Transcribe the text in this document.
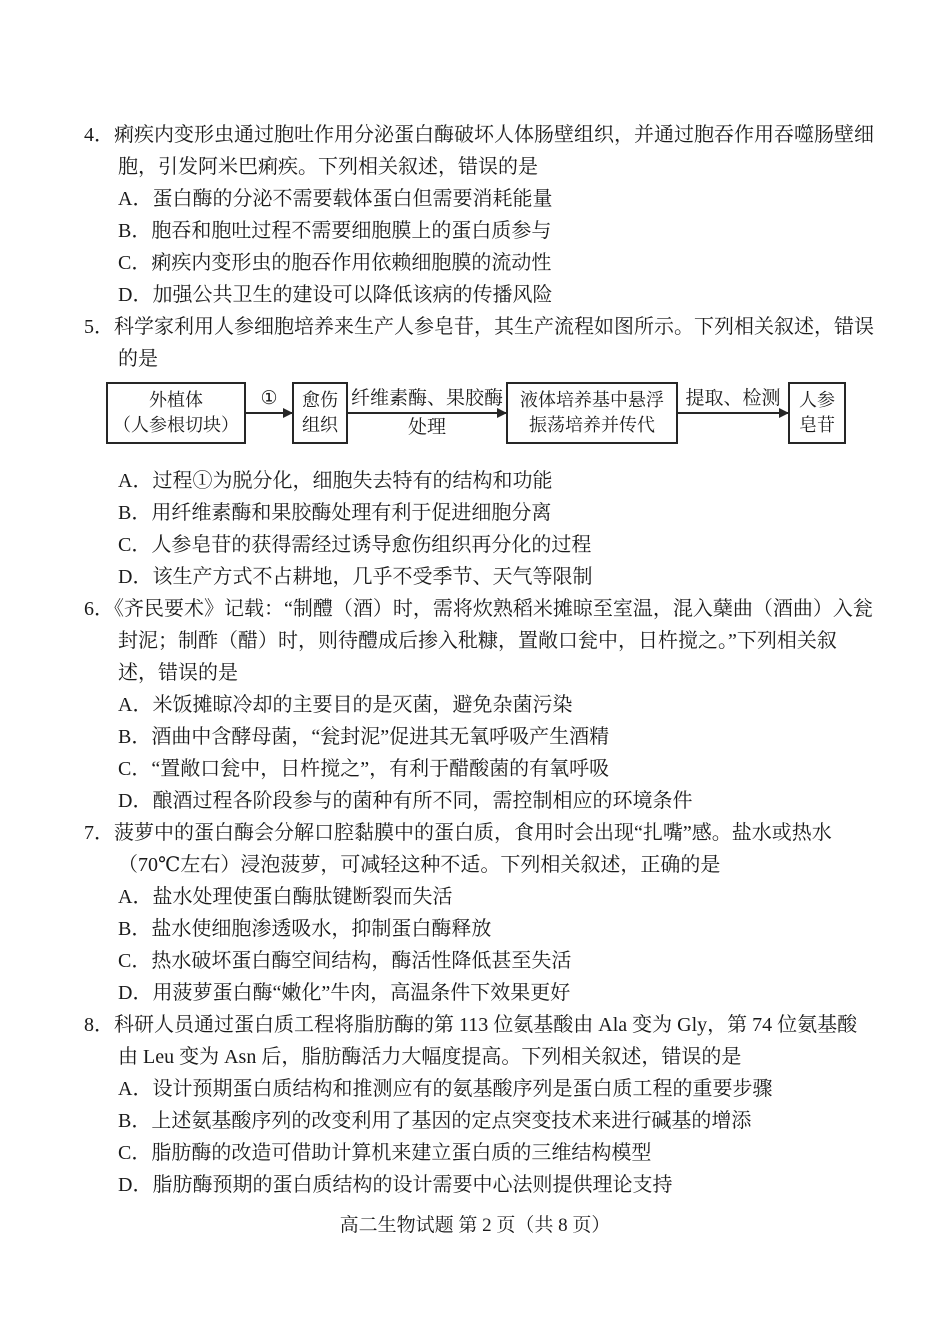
4．痢疾内变形虫通过胞吐作用分泌蛋白酶破坏人体肠壁组织，并通过胞吞作用吞噬肠壁细胞，引发阿米巴痢疾。下列相关叙述，错误的是

A．蛋白酶的分泌不需要载体蛋白但需要消耗能量
B．胞吞和胞吐过程不需要细胞膜上的蛋白质参与
C．痢疾内变形虫的胞吞作用依赖细胞膜的流动性
D．加强公共卫生的建设可以降低该病的传播风险

5．科学家利用人参细胞培养来生产人参皂苷，其生产流程如图所示。下列相关叙述，错误的是

外植体
（人参根切块）
①	愈伤
组织
纤维素酶、果胶酶
处理
液体培养基中悬浮
振荡培养并传代
提取、检测	人参
皂苷
A．过程①为脱分化，细胞失去特有的结构和功能
B．用纤维素酶和果胶酶处理有利于促进细胞分离
C．人参皂苷的获得需经过诱导愈伤组织再分化的过程
D．该生产方式不占耕地，几乎不受季节、天气等限制

6．《齐民要术》记载：“制醴（酒）时，需将炊熟稻米摊晾至室温，混入蘖曲（酒曲）入瓮封泥；制酢（醋）时，则待醴成后掺入秕糠，置敞口瓮中，日杵搅之。”下列相关叙述，错误的是

A．米饭摊晾冷却的主要目的是灭菌，避免杂菌污染
B．酒曲中含酵母菌，“瓮封泥”促进其无氧呼吸产生酒精
C．“置敞口瓮中，日杵搅之”，有利于醋酸菌的有氧呼吸
D．酿酒过程各阶段参与的菌种有所不同，需控制相应的环境条件

7．菠萝中的蛋白酶会分解口腔黏膜中的蛋白质，食用时会出现“扎嘴”感。盐水或热水（70℃左右）浸泡菠萝，可减轻这种不适。下列相关叙述，正确的是

A．盐水处理使蛋白酶肽键断裂而失活
B．盐水使细胞渗透吸水，抑制蛋白酶释放
C．热水破坏蛋白酶空间结构，酶活性降低甚至失活
D．用菠萝蛋白酶“嫩化”牛肉，高温条件下效果更好

8．科研人员通过蛋白质工程将脂肪酶的第 113 位氨基酸由 Ala 变为 Gly，第 74 位氨基酸由 Leu 变为 Asn 后，脂肪酶活力大幅度提高。下列相关叙述，错误的是

A．设计预期蛋白质结构和推测应有的氨基酸序列是蛋白质工程的重要步骤
B．上述氨基酸序列的改变利用了基因的定点突变技术来进行碱基的增添
C．脂肪酶的改造可借助计算机来建立蛋白质的三维结构模型
D．脂肪酶预期的蛋白质结构的设计需要中心法则提供理论支持
高二生物试题 第 2 页（共 8 页）
